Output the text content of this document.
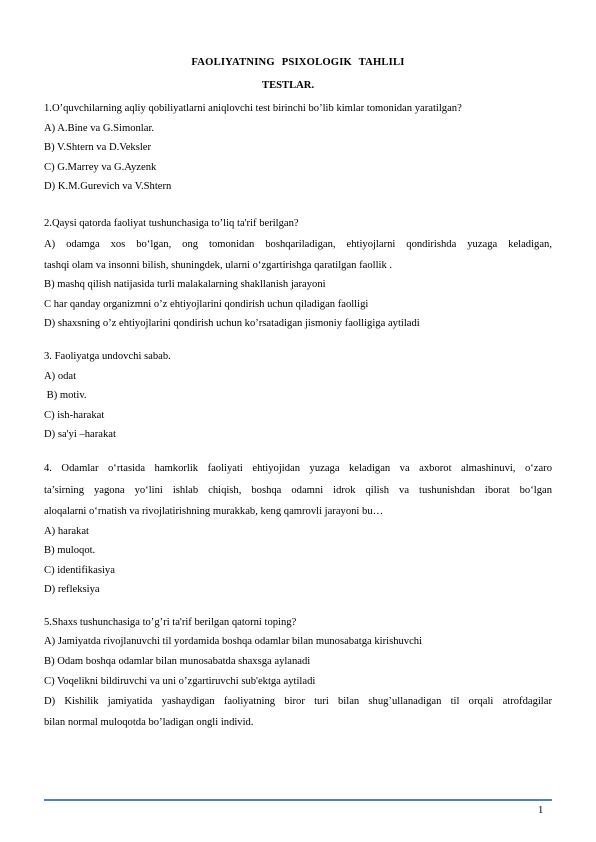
FAOLIYATNING PSIXOLOGIK TAHLILI
TESTLAR.
1.O’quvchilarning aqliy qobiliyatlarni aniqlovchi test birinchi bo’lib kimlar tomonidan yaratilgan?
A) A.Bine va G.Simonlar.
B) V.Shtern va D.Veksler
C) G.Marrey va G.Ayzenk
D) K.M.Gurevich va V.Shtern
2.Qaysi qatorda faoliyat tushunchasiga to’liq ta'rif berilgan?
A) odamga xos bo‘lgan, ong tomonidan boshqariladigan, ehtiyojlarni qondirishda yuzaga keladigan,
tashqi olam va insonni bilish, shuningdek, ularni o‘zgartirishga qaratilgan faollik .
B) mashq qilish natijasida turli malakalarning shakllanish jarayoni
C har qanday organizmni o’z ehtiyojlarini qondirish uchun qiladigan faolligi
D) shaxsning o’z ehtiyojlarini qondirish uchun ko’rsatadigan jismoniy faolligiga aytiladi
3. Faoliyatga undovchi sabab.
A) odat
B) motiv.
C) ish-harakat
D) sa'yi –harakat
4. Odamlar o‘rtasida hamkorlik faoliyati ehtiyojidan yuzaga keladigan va axborot almashinuvi, o‘zaro
ta’sirning yagona yo‘lini ishlab chiqish, boshqa odamni idrok qilish va tushunishdan iborat bo‘lgan
aloqalarni o‘rnatish va rivojlatirishning murakkab, keng qamrovli jarayoni bu…
A) harakat
B) muloqot.
C) identifikasiya
D) refleksiya
5.Shaxs tushunchasiga to’g’ri ta'rif berilgan qatorni toping?
A) Jamiyatda rivojlanuvchi til yordamida boshqa odamlar bilan munosabatga kirishuvchi
B) Odam boshqa odamlar bilan munosabatda shaxsga aylanadi
C) Voqelikni bildiruvchi va uni o’zgartiruvchi sub'ektga aytiladi
D) Kishilik jamiyatida yashaydigan faoliyatning biror turi bilan shug’ullanadigan til orqali atrofdagilar
bilan normal muloqotda bo’ladigan ongli individ.
1
